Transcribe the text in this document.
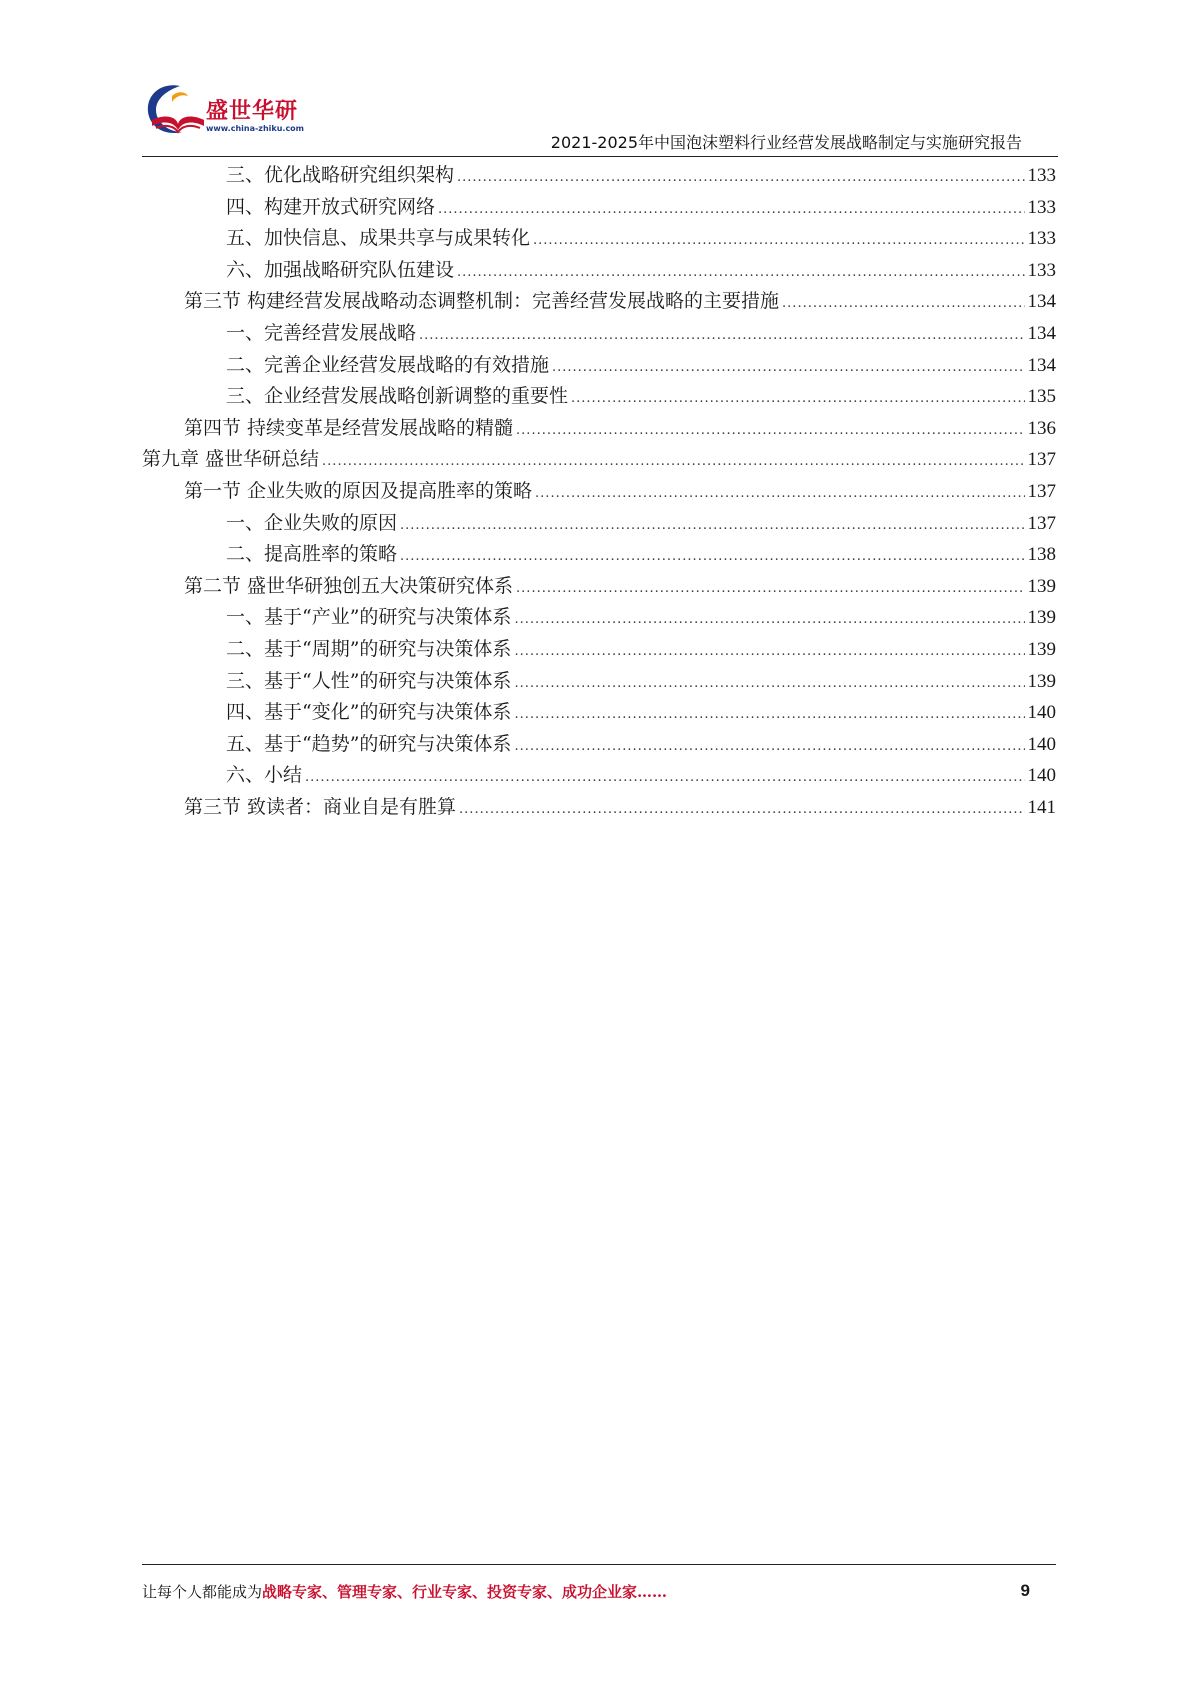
盛世华研
www.china-zhiku.com
2021-2025年中国泡沫塑料行业经营发展战略制定与实施研究报告
三、优化战略研究组织架构 .....	133
四、构建开放式研究网络 .....	133
五、加快信息、成果共享与成果转化 .....	133
六、加强战略研究队伍建设 .....	133
第三节 构建经营发展战略动态调整机制：完善经营发展战略的主要措施 .....	134
一、完善经营发展战略 .....	134
二、完善企业经营发展战略的有效措施 .....	134
三、企业经营发展战略创新调整的重要性 .....	135
第四节 持续变革是经营发展战略的精髓 .....	136
第九章 盛世华研总结 .....	137
第一节 企业失败的原因及提高胜率的策略 .....	137
一、企业失败的原因 .....	137
二、提高胜率的策略 .....	138
第二节 盛世华研独创五大决策研究体系 .....	139
一、基于“产业”的研究与决策体系 .....	139
二、基于“周期”的研究与决策体系 .....	139
三、基于“人性”的研究与决策体系 .....	139
四、基于“变化”的研究与决策体系 .....	140
五、基于“趋势”的研究与决策体系 .....	140
六、小结 .....	140
第三节 致读者：商业自是有胜算 .....	141
让每个人都能成为战略专家、管理专家、行业专家、投资专家、成功企业家……	9
